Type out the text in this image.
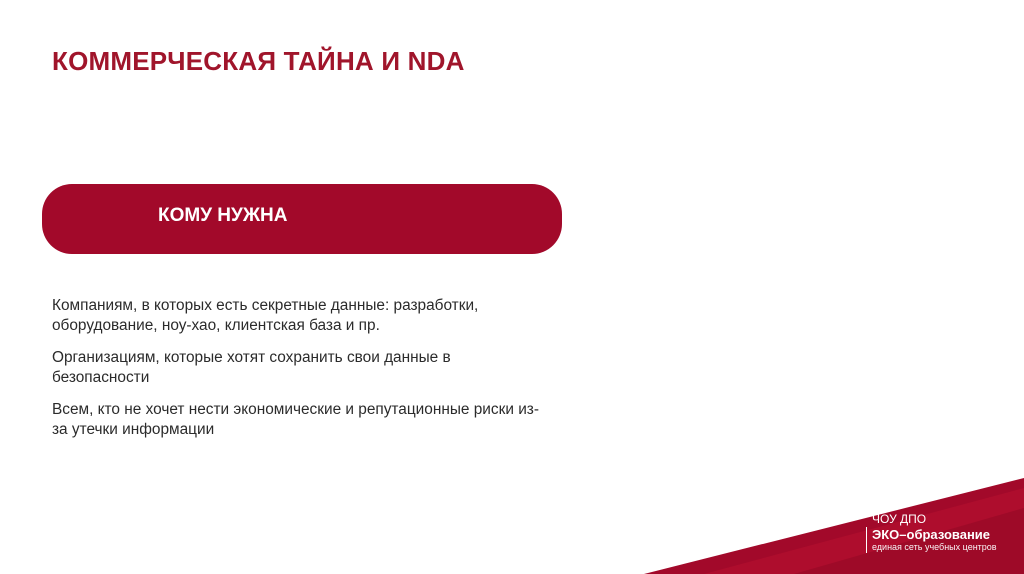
КОММЕРЧЕСКАЯ ТАЙНА И NDA
КОМУ НУЖНА
Компаниям, в которых есть секретные данные: разработки, оборудование, ноу-хао, клиентская база и пр.
Организациям, которые хотят сохранить свои данные в безопасности
Всем, кто не хочет нести экономические и репутационные риски из-за утечки информации
ЧОУ ДПО
ЭКО–образование
единая сеть учебных центров
